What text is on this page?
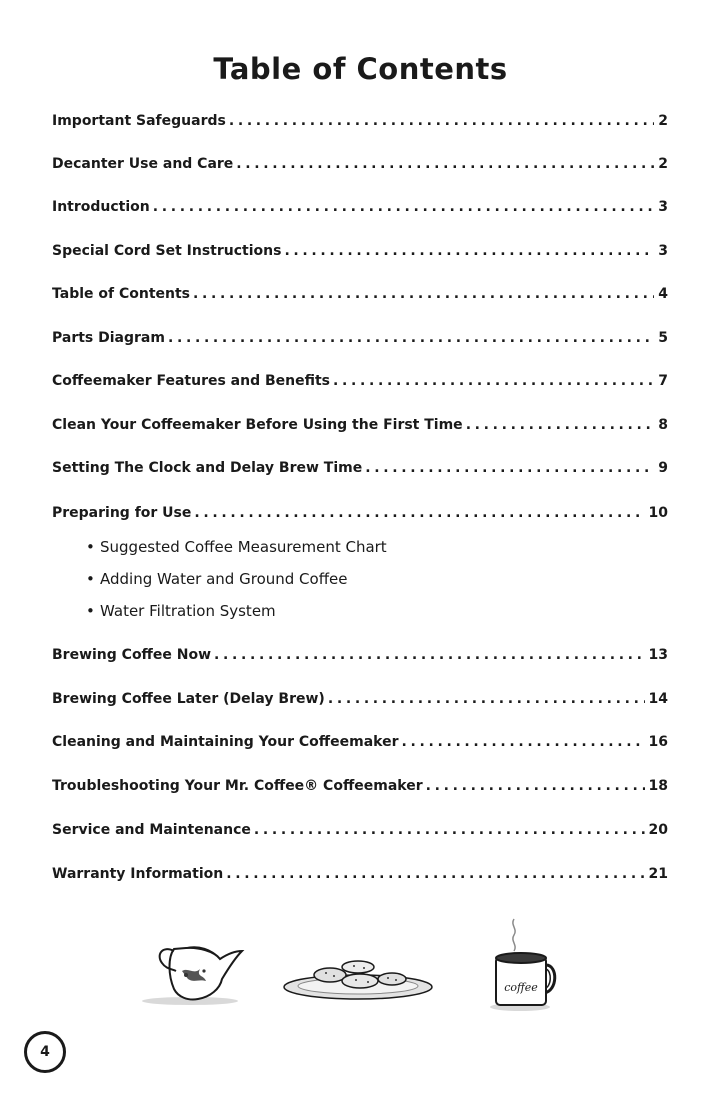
Table of Contents
Important Safeguards . . .	2
Decanter Use and Care . . .	2
Introduction . . .	3
Special Cord Set Instructions . . .	3
Table of Contents . . .	4
Parts Diagram . . .	5
Coffeemaker Features and Benefits . . .	7
Clean Your Coffeemaker Before Using the First Time . . .	8
Setting The Clock and Delay Brew Time . . .	9
Preparing for Use . . .	10
• Suggested Coffee Measurement Chart
• Adding Water and Ground Coffee
• Water Filtration System
Brewing Coffee Now . . .	13
Brewing Coffee Later (Delay Brew) . . .	14
Cleaning and Maintaining Your Coffeemaker . . .	16
Troubleshooting Your Mr. Coffee® Coffeemaker . . .	18
Service and Maintenance . . .	20
Warranty Information . . .	21
coffee
4
